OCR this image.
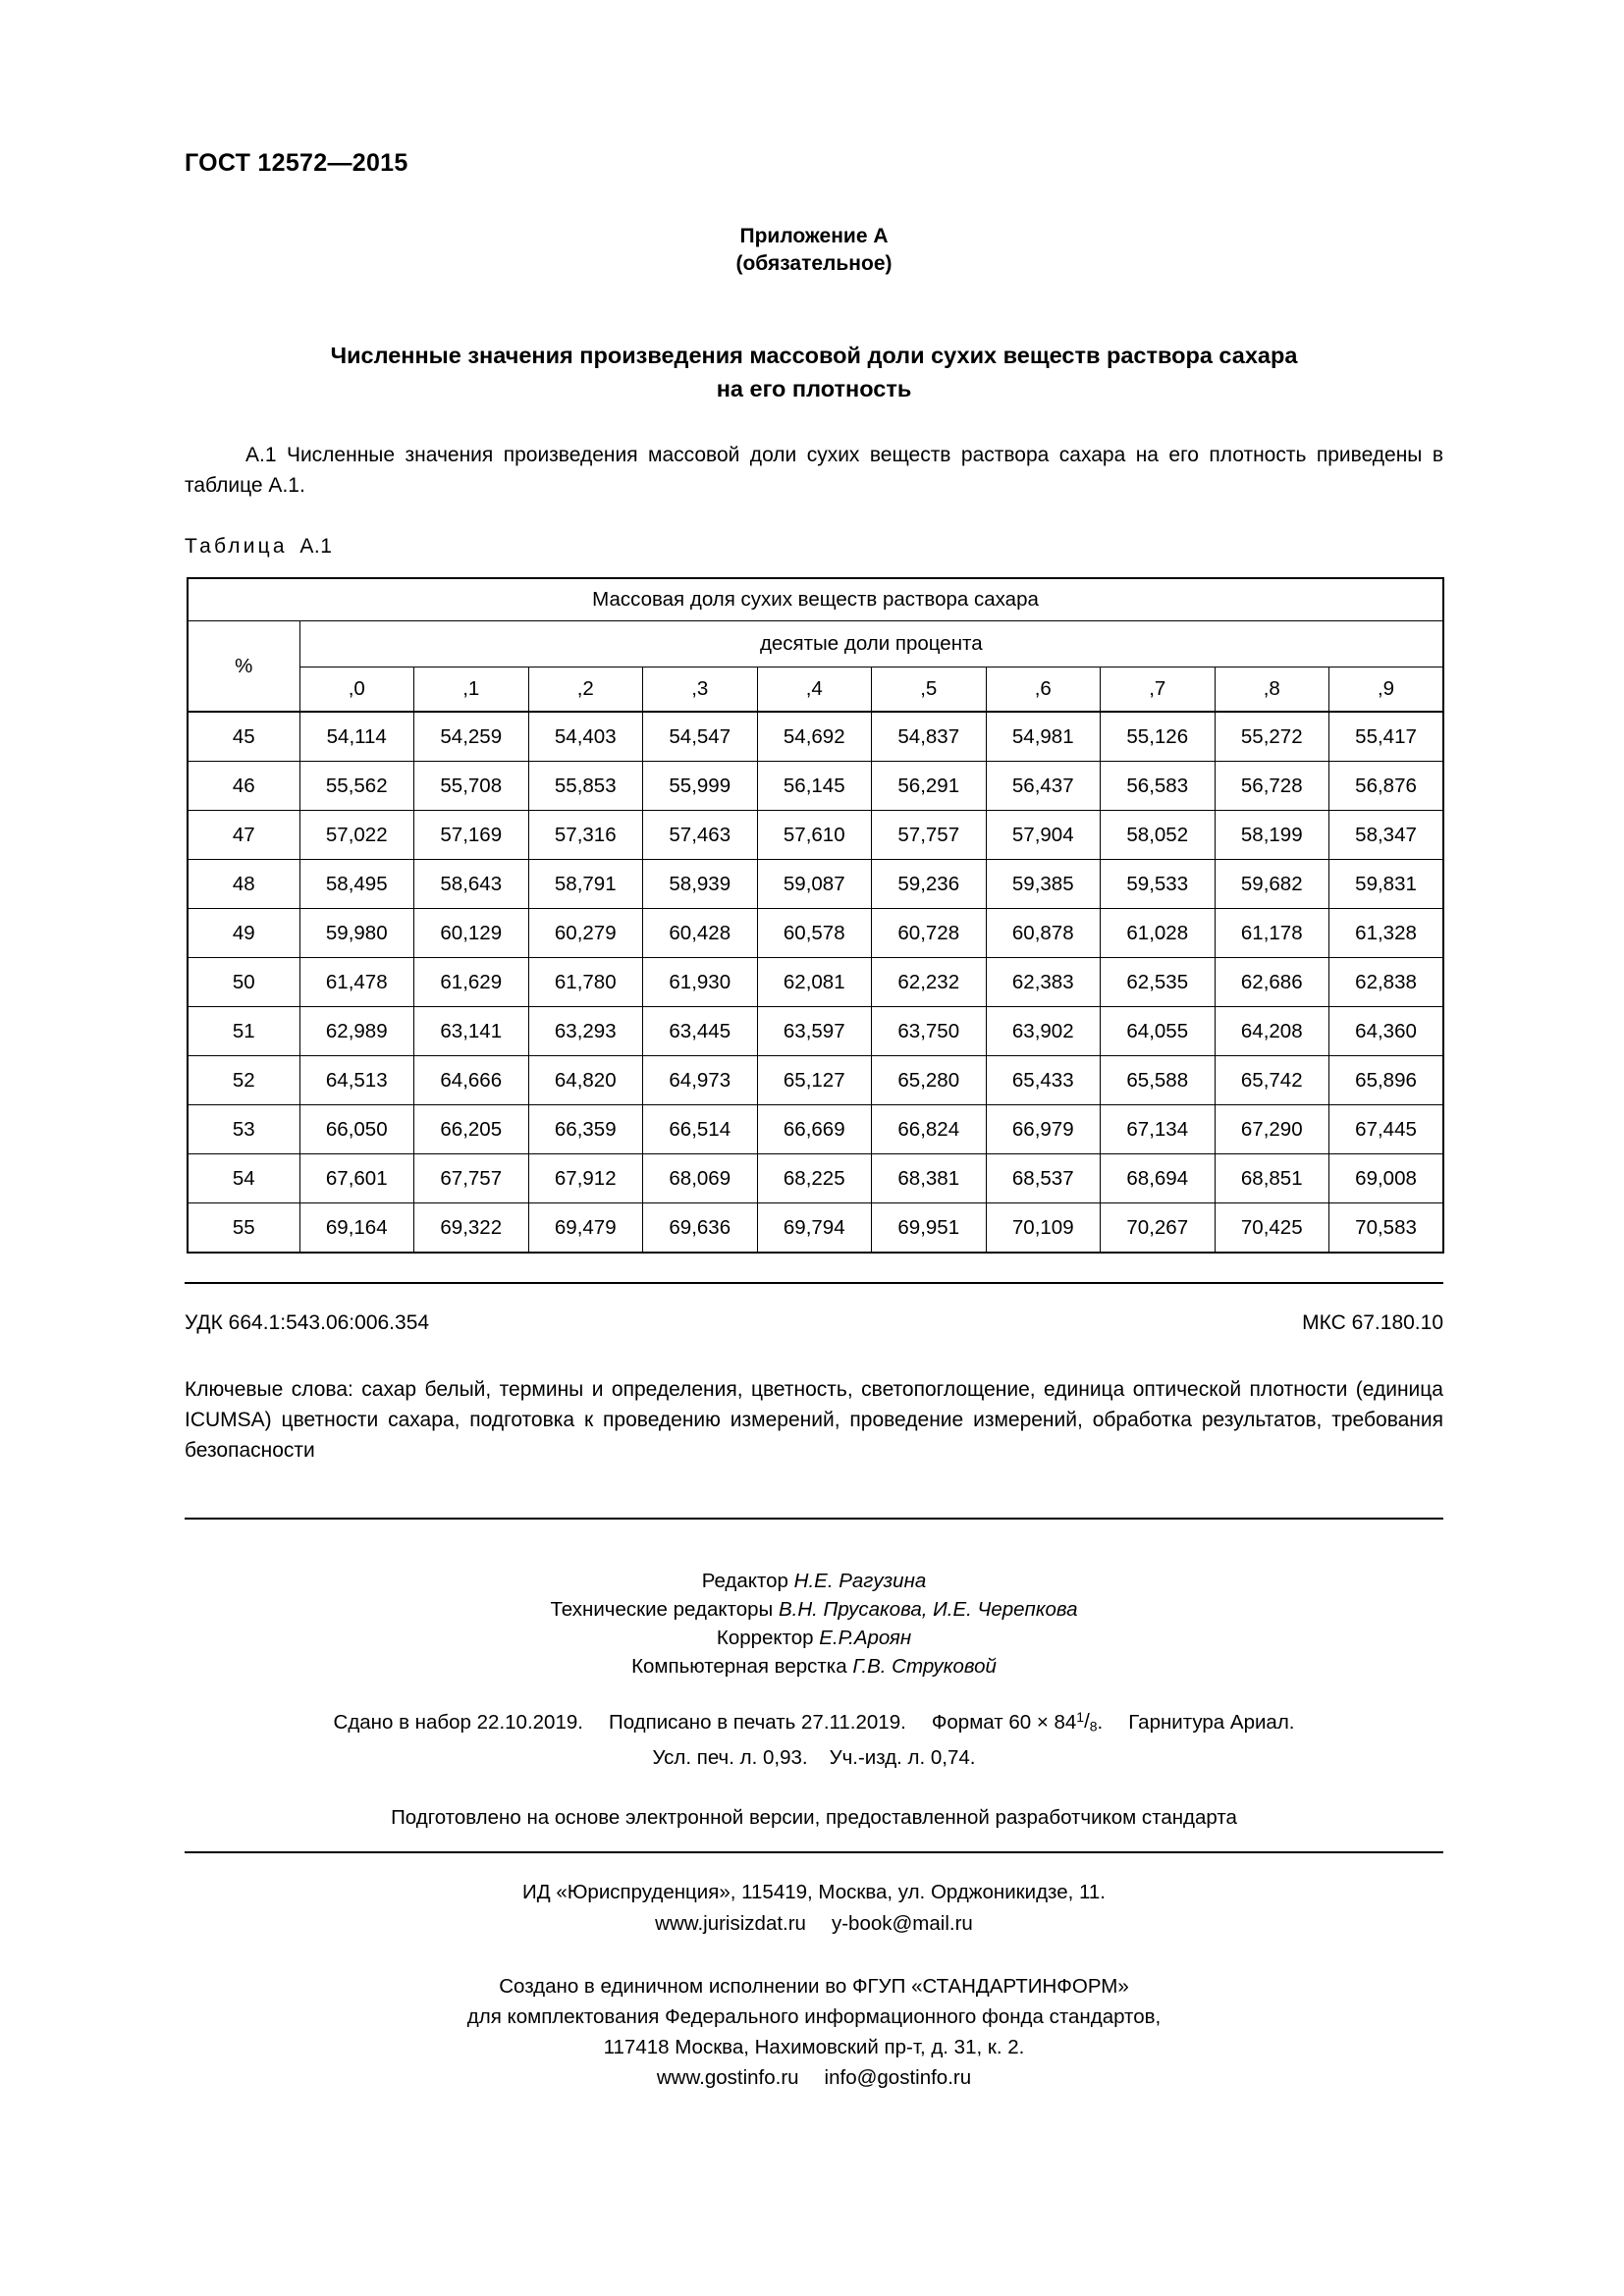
ГОСТ 12572—2015
Приложение А
(обязательное)
Численные значения произведения массовой доли сухих веществ раствора сахара
на его плотность
А.1 Численные значения произведения массовой доли сухих веществ раствора сахара на его плотность приведены в таблице А.1.
Таблица А.1
Массовая доля сухих веществ раствора сахара										
%	десятые доли процента									
	,0	,1	,2	,3	,4	,5	,6	,7	,8	,9
45	54,114	54,259	54,403	54,547	54,692	54,837	54,981	55,126	55,272	55,417
46	55,562	55,708	55,853	55,999	56,145	56,291	56,437	56,583	56,728	56,876
47	57,022	57,169	57,316	57,463	57,610	57,757	57,904	58,052	58,199	58,347
48	58,495	58,643	58,791	58,939	59,087	59,236	59,385	59,533	59,682	59,831
49	59,980	60,129	60,279	60,428	60,578	60,728	60,878	61,028	61,178	61,328
50	61,478	61,629	61,780	61,930	62,081	62,232	62,383	62,535	62,686	62,838
51	62,989	63,141	63,293	63,445	63,597	63,750	63,902	64,055	64,208	64,360
52	64,513	64,666	64,820	64,973	65,127	65,280	65,433	65,588	65,742	65,896
53	66,050	66,205	66,359	66,514	66,669	66,824	66,979	67,134	67,290	67,445
54	67,601	67,757	67,912	68,069	68,225	68,381	68,537	68,694	68,851	69,008
55	69,164	69,322	69,479	69,636	69,794	69,951	70,109	70,267	70,425	70,583
УДК 664.1:543.06:006.354	МКС 67.180.10
Ключевые слова: сахар белый, термины и определения, цветность, светопоглощение, единица оптической плотности (единица ICUMSA) цветности сахара, подготовка к проведению измерений, проведение измерений, обработка результатов, требования безопасности
Редактор Н.Е. Рагузина
Технические редакторы В.Н. Прусакова, И.Е. Черепкова
Корректор Е.Р.Ароян
Компьютерная верстка Г.В. Струковой
Сдано в набор 22.10.2019. Подписано в печать 27.11.2019. Формат $60 \times 84^1/_8$. Гарнитура Ариал.
Усл. печ. л. 0,93. Уч.-изд. л. 0,74.
Подготовлено на основе электронной версии, предоставленной разработчиком стандарта
ИД «Юриспруденция», 115419, Москва, ул. Орджоникидзе, 11.
www.jurisizdat.ru y-book@mail.ru
Создано в единичном исполнении во ФГУП «СТАНДАРТИНФОРМ»
для комплектования Федерального информационного фонда стандартов,
117418 Москва, Нахимовский пр-т, д. 31, к. 2.
www.gostinfo.ru info@gostinfo.ru
